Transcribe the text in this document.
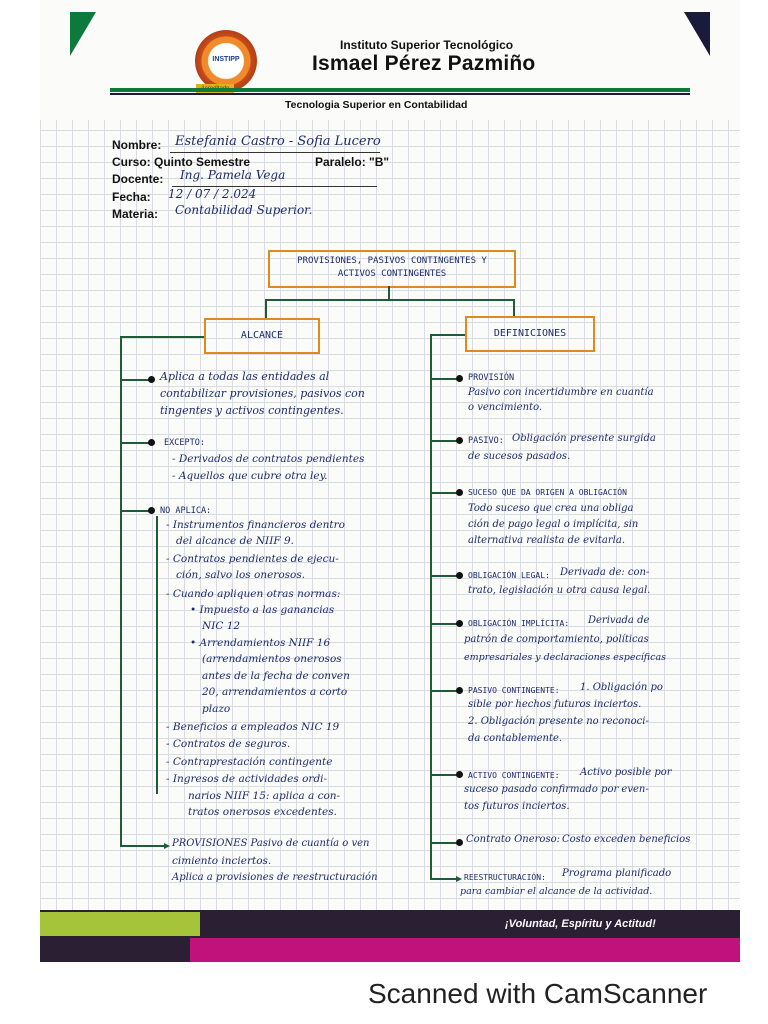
INSTIPP
Instituto Superior Tecnológico
Ismael Pérez Pazmiño
Tecnologia Superior en Contabilidad
Nombre: Estefania Castro - Sofia Lucero
Curso: Quinto Semestre	Paralelo: "B"
Docente: Ing. Pamela Vega
Fecha: 12 / 07 / 2.024
Materia: Contabilidad Superior.
PROVISIONES, PASIVOS CONTINGENTES Y
ACTIVOS CONTINGENTES
ALCANCE	DEFINICIONES
Aplica a todas las entidades al
contabilizar provisiones, pasivos con
tingentes y activos contingentes.
EXCEPTO:
- Derivados de contratos pendientes
- Aquellos que cubre otra ley.
NO APLICA:
- Instrumentos financieros dentro
del alcance de NIIF 9.
- Contratos pendientes de ejecu-
ción, salvo los onerosos.
- Cuando apliquen otras normas:
• Impuesto a las ganancias
NIC 12
• Arrendamientos NIIF 16
(arrendamientos onerosos
antes de la fecha de conven
20, arrendamientos a corto
plazo
- Beneficios a empleados NIC 19
- Contratos de seguros.
- Contraprestación contingente
- Ingresos de actividades ordi-
narios NIIF 15: aplica a con-
tratos onerosos excedentes.
PROVISIONES Pasivo de cuantía o ven
cimiento inciertos.
Aplica a provisiones de reestructuración
PROVISIÓN
Pasivo con incertidumbre en cuantía
o vencimiento.
PASIVO: Obligación presente surgida
de sucesos pasados.
SUCESO QUE DA ORIGEN A OBLIGACIÓN
Todo suceso que crea una obliga
ción de pago legal o implícita, sin
alternativa realista de evitarla.
OBLIGACIÓN LEGAL: Derivada de: con-
trato, legislación u otra causa legal.
OBLIGACIÓN IMPLÍCITA: Derivada de
patrón de comportamiento, políticas
empresariales y declaraciones específicas
PASIVO CONTINGENTE: 1. Obligación po
sible por hechos futuros inciertos.
2. Obligación presente no reconoci-
da contablemente.
ACTIVO CONTINGENTE: Activo posible por
suceso pasado confirmado por even-
tos futuros inciertos.
Contrato Oneroso: Costo exceden beneficios
REESTRUCTURACIÓN: Programa planificado
para cambiar el alcance de la actividad.
¡Voluntad, Espíritu y Actitud!
Scanned with CamScanner
